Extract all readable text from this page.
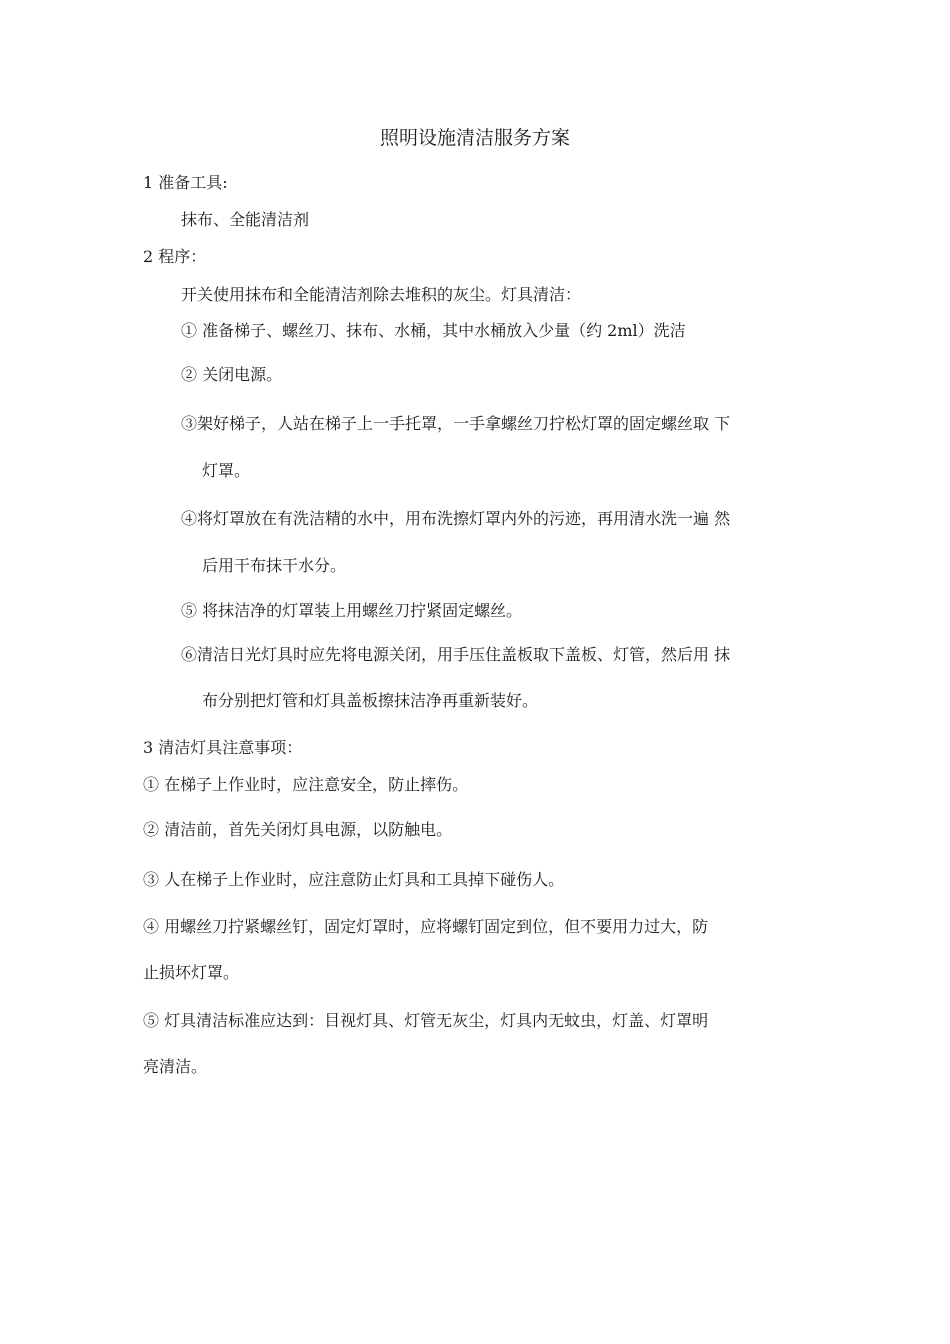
照明设施清洁服务方案

1 准备工具:

抹布、全能清洁剂

2 程序：

开关使用抹布和全能清洁剂除去堆积的灰尘。灯具清洁：

① 准备梯子、螺丝刀、抹布、水桶，其中水桶放入少量（约 2ml）洗洁

② 关闭电源。

③架好梯子，人站在梯子上一手托罩，一手拿螺丝刀拧松灯罩的固定螺丝取 下

灯罩。

④将灯罩放在有洗洁精的水中，用布洗擦灯罩内外的污迹，再用清水洗一遍 然

后用干布抹干水分。

⑤ 将抹洁净的灯罩装上用螺丝刀拧紧固定螺丝。

⑥清洁日光灯具时应先将电源关闭，用手压住盖板取下盖板、灯管，然后用 抹

布分别把灯管和灯具盖板擦抹洁净再重新装好。

3 清洁灯具注意事项：

① 在梯子上作业时，应注意安全，防止摔伤。

② 清洁前，首先关闭灯具电源，以防触电。

③ 人在梯子上作业时，应注意防止灯具和工具掉下碰伤人。

④ 用螺丝刀拧紧螺丝钉，固定灯罩时，应将螺钉固定到位，但不要用力过大，防

止损坏灯罩。

⑤ 灯具清洁标准应达到：目视灯具、灯管无灰尘，灯具内无蚊虫，灯盖、灯罩明

亮清洁。
